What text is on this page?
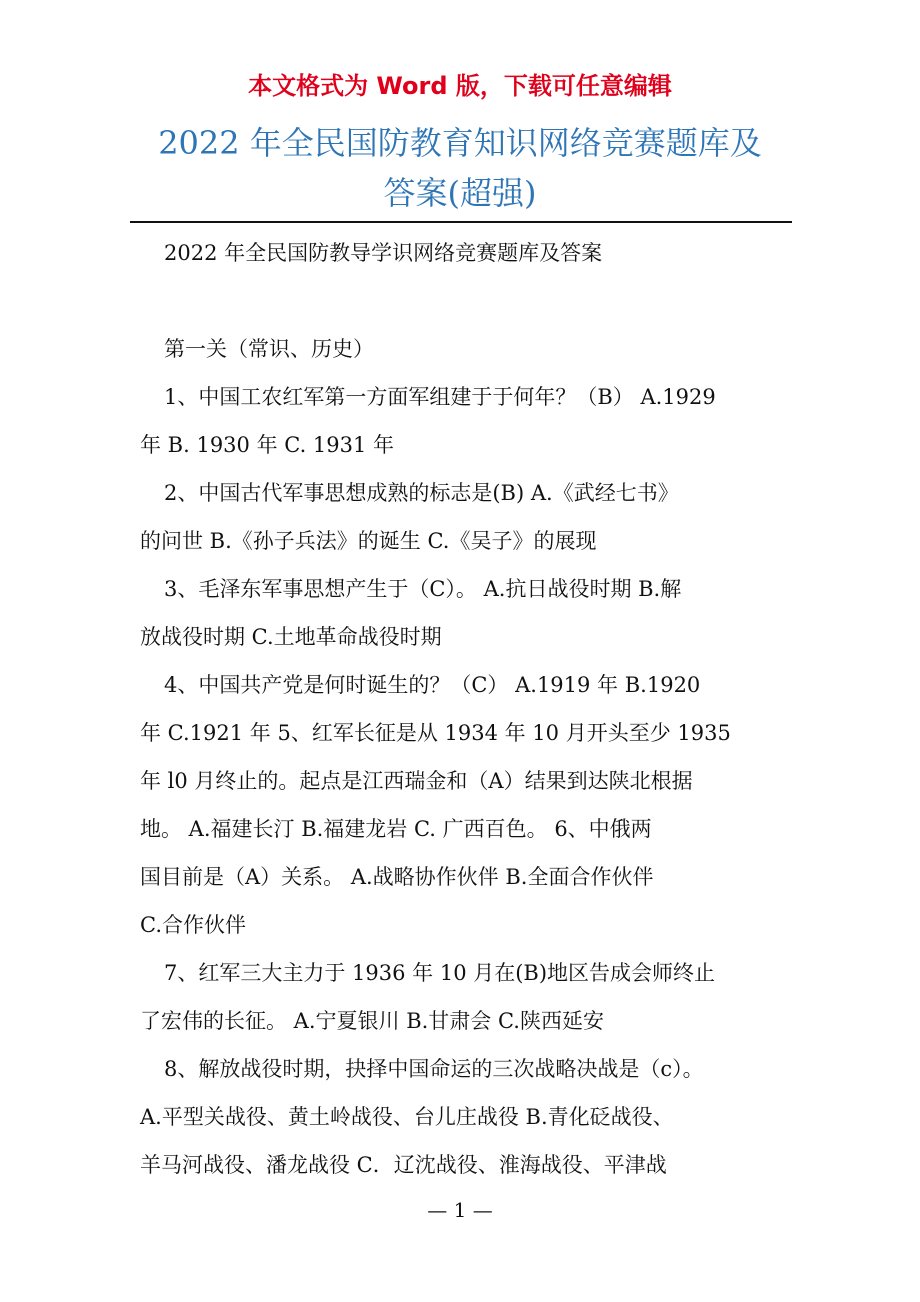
本文格式为 Word 版，下载可任意编辑
2022 年全民国防教育知识网络竞赛题库及
答案(超强)
2022 年全民国防教导学识网络竞赛题库及答案
第一关（常识、历史）
1、中国工农红军第一方面军组建于于何年？（B） A.1929
年 B. 1930 年 C. 1931 年
2、中国古代军事思想成熟的标志是(B) A.《武经七书》
的问世 B.《孙子兵法》的诞生 C.《吴子》的展现
3、毛泽东军事思想产生于（C）。 A.抗日战役时期 B.解
放战役时期 C.土地革命战役时期
4、中国共产党是何时诞生的？（C） A.1919 年 B.1920
年 C.1921 年 5、红军长征是从 1934 年 10 月开头至少 1935
年 l0 月终止的。起点是江西瑞金和（A）结果到达陕北根据
地。 A.福建长汀 B.福建龙岩 C. 广西百色。 6、中俄两
国目前是（A）关系。 A.战略协作伙伴 B.全面合作伙伴
C.合作伙伴
7、红军三大主力于 1936 年 10 月在(B)地区告成会师终止
了宏伟的长征。 A.宁夏银川 B.甘肃会 C.陕西延安
8、解放战役时期，抉择中国命运的三次战略决战是（c）。
A.平型关战役、黄土岭战役、台儿庄战役 B.青化砭战役、
羊马河战役、潘龙战役 C．辽沈战役、淮海战役、平津战
— 1 —
